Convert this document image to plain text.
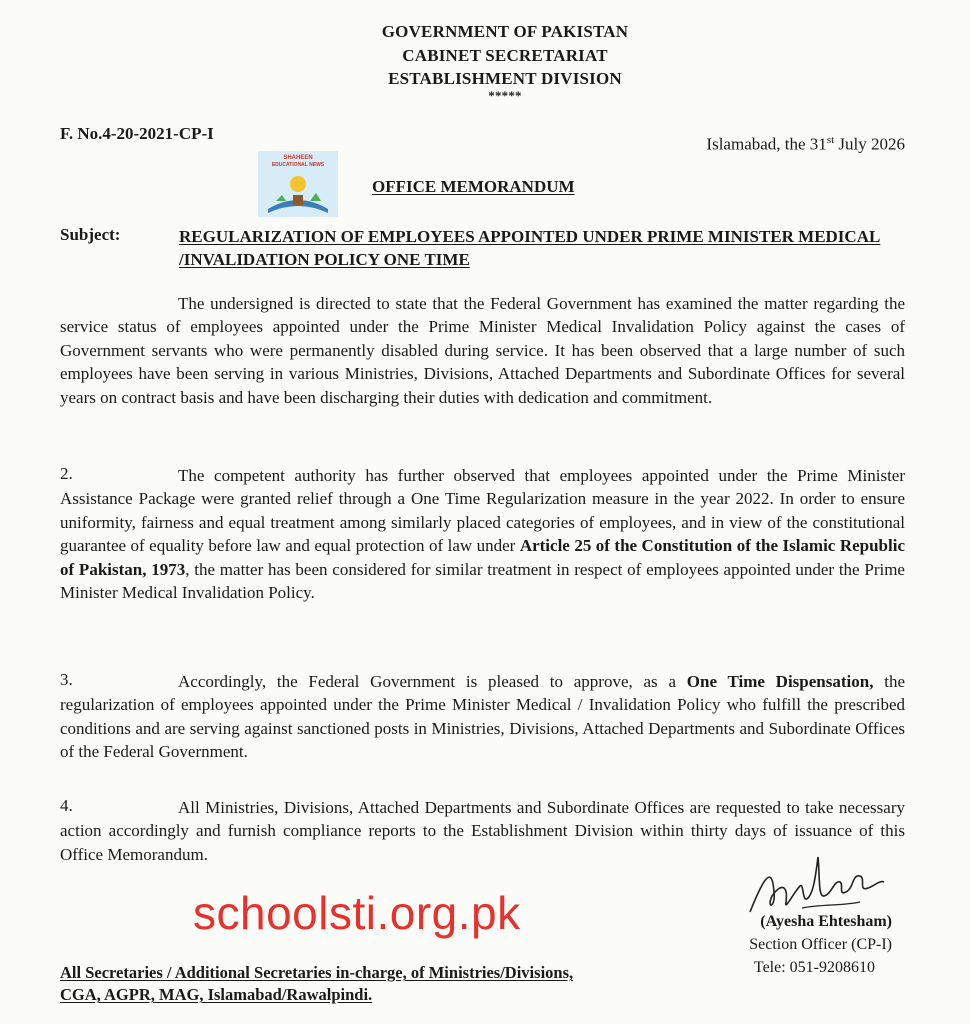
GOVERNMENT OF PAKISTAN
CABINET SECRETARIAT
ESTABLISHMENT DIVISION
*****
F. No.4-20-2021-CP-I
Islamabad, the 31st July 2026
SHAHEEN
EDUCATIONAL NEWS
OFFICE MEMORANDUM
Subject:	REGULARIZATION OF EMPLOYEES APPOINTED UNDER PRIME MINISTER MEDICAL /INVALIDATION POLICY ONE TIME
The undersigned is directed to state that the Federal Government has examined the matter regarding the service status of employees appointed under the Prime Minister Medical Invalidation Policy against the cases of Government servants who were permanently disabled during service. It has been observed that a large number of such employees have been serving in various Ministries, Divisions, Attached Departments and Subordinate Offices for several years on contract basis and have been discharging their duties with dedication and commitment.
2.	The competent authority has further observed that employees appointed under the Prime Minister Assistance Package were granted relief through a One Time Regularization measure in the year 2022. In order to ensure uniformity, fairness and equal treatment among similarly placed categories of employees, and in view of the constitutional guarantee of equality before law and equal protection of law under Article 25 of the Constitution of the Islamic Republic of Pakistan, 1973, the matter has been considered for similar treatment in respect of employees appointed under the Prime Minister Medical Invalidation Policy.
3.	Accordingly, the Federal Government is pleased to approve, as a One Time Dispensation, the regularization of employees appointed under the Prime Minister Medical / Invalidation Policy who fulfill the prescribed conditions and are serving against sanctioned posts in Ministries, Divisions, Attached Departments and Subordinate Offices of the Federal Government.
4.	All Ministries, Divisions, Attached Departments and Subordinate Offices are requested to take necessary action accordingly and furnish compliance reports to the Establishment Division within thirty days of issuance of this Office Memorandum.
schoolsti.org.pk	(Ayesha Ehtesham)
Section Officer (CP-I)
Tele: 051-9208610
All Secretaries / Additional Secretaries in-charge, of Ministries/Divisions,
CGA, AGPR, MAG, Islamabad/Rawalpindi.
